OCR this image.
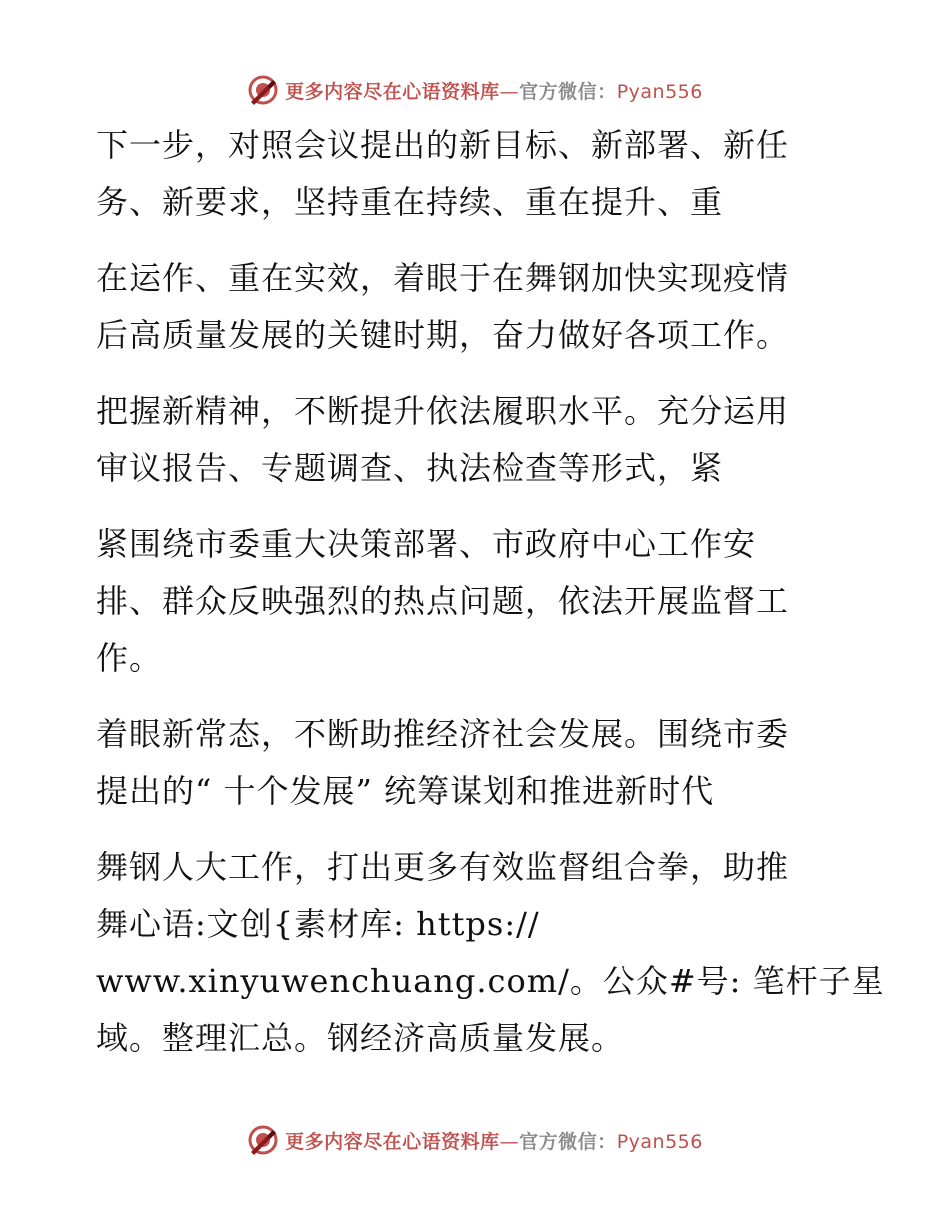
更多内容尽在心语资料库—官方微信：Pyan556
下一步，对照会议提出的新目标、新部署、新任
务、新要求，坚持重在持续、重在提升、重
在运作、重在实效，着眼于在舞钢加快实现疫情
后高质量发展的关键时期，奋力做好各项工作。
把握新精神，不断提升依法履职水平。充分运用
审议报告、专题调查、执法检查等形式，紧
紧围绕市委重大决策部署、市政府中心工作安
排、群众反映强烈的热点问题，依法开展监督工
作。
着眼新常态，不断助推经济社会发展。围绕市委
提出的“ 十个发展” 统筹谋划和推进新时代
舞钢人大工作，打出更多有效监督组合拳，助推
舞心语:文创{素材库: https://
www.xinyuwenchuang.com/。公众#号: 笔杆子星
域。整理汇总。钢经济高质量发展。
更多内容尽在心语资料库—官方微信：Pyan556
